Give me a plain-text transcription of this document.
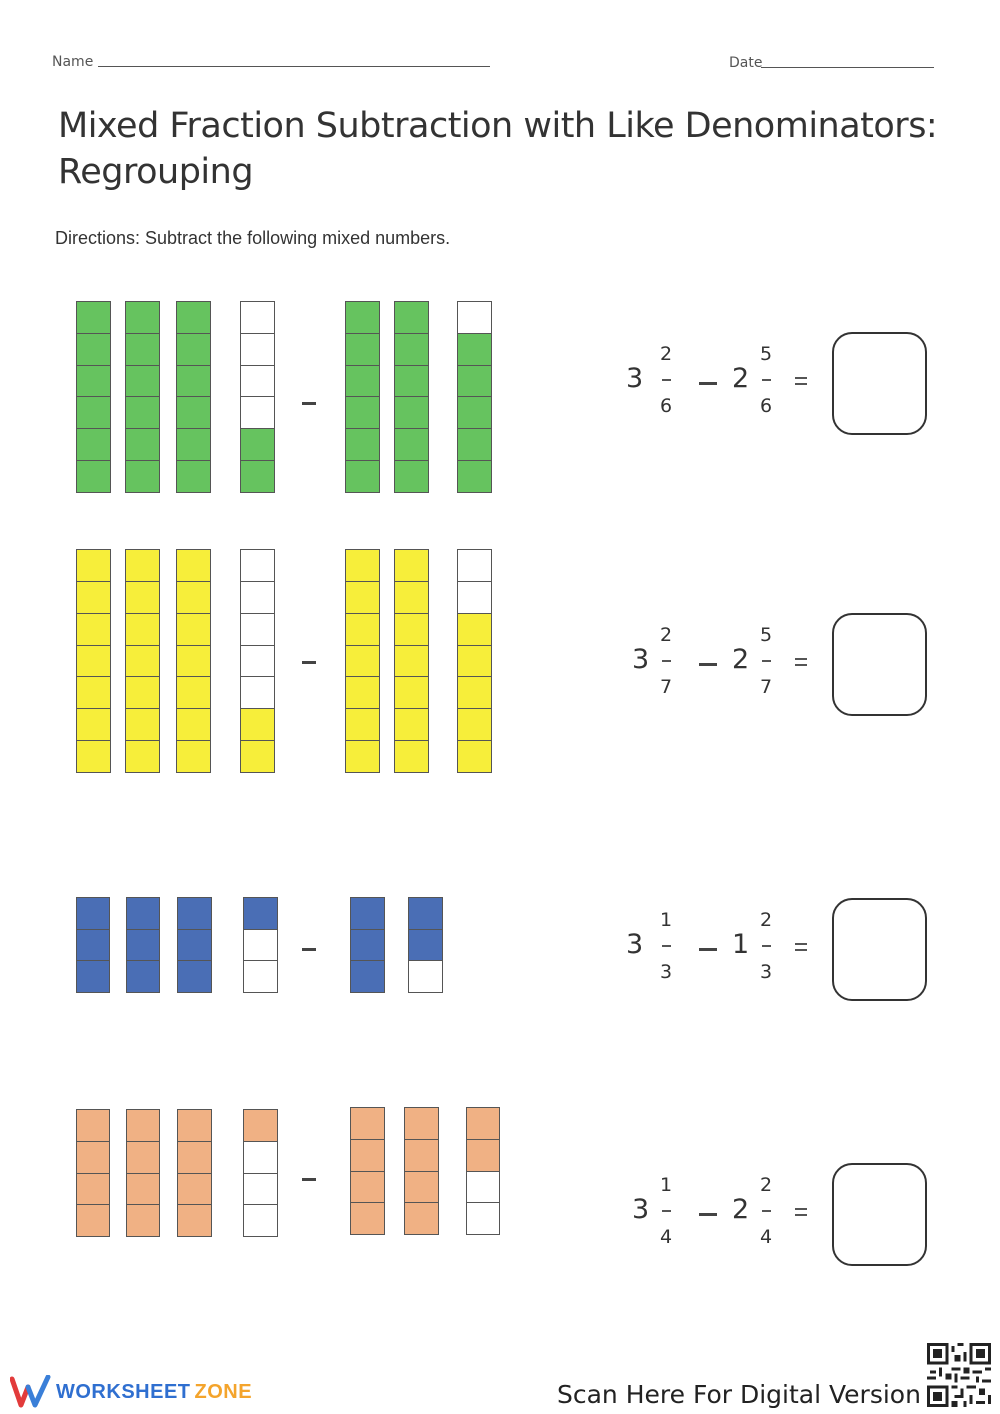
Name	Date
Mixed Fraction Subtraction with Like Denominators:
Regrouping
Directions: Subtract the following mixed numbers.
3
2
6
2
5
6
3
2
7
2
5
7
3
1
3
1
2
3
3
1
4
2
2
4
WORKSHEET ZONE	Scan Here For Digital Version
